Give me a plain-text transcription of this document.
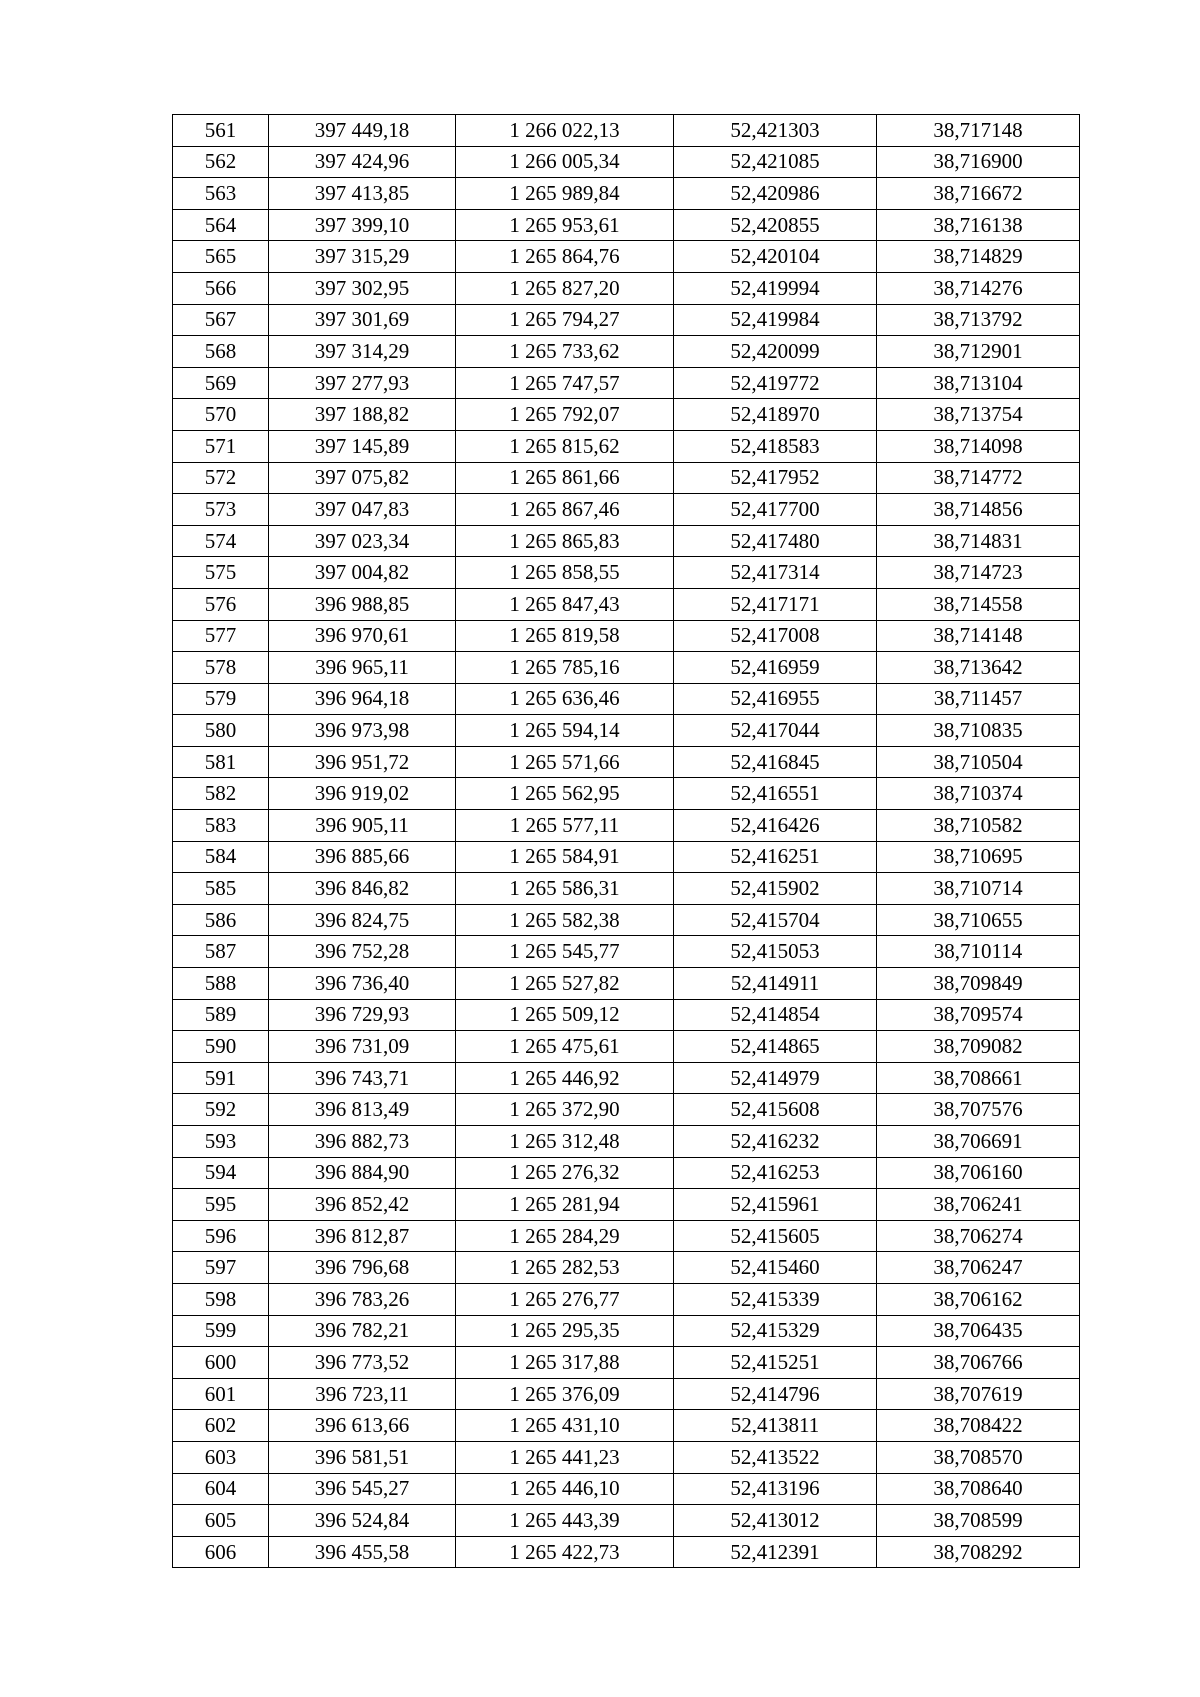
561	397 449,18	1 266 022,13	52,421303	38,717148
562	397 424,96	1 266 005,34	52,421085	38,716900
563	397 413,85	1 265 989,84	52,420986	38,716672
564	397 399,10	1 265 953,61	52,420855	38,716138
565	397 315,29	1 265 864,76	52,420104	38,714829
566	397 302,95	1 265 827,20	52,419994	38,714276
567	397 301,69	1 265 794,27	52,419984	38,713792
568	397 314,29	1 265 733,62	52,420099	38,712901
569	397 277,93	1 265 747,57	52,419772	38,713104
570	397 188,82	1 265 792,07	52,418970	38,713754
571	397 145,89	1 265 815,62	52,418583	38,714098
572	397 075,82	1 265 861,66	52,417952	38,714772
573	397 047,83	1 265 867,46	52,417700	38,714856
574	397 023,34	1 265 865,83	52,417480	38,714831
575	397 004,82	1 265 858,55	52,417314	38,714723
576	396 988,85	1 265 847,43	52,417171	38,714558
577	396 970,61	1 265 819,58	52,417008	38,714148
578	396 965,11	1 265 785,16	52,416959	38,713642
579	396 964,18	1 265 636,46	52,416955	38,711457
580	396 973,98	1 265 594,14	52,417044	38,710835
581	396 951,72	1 265 571,66	52,416845	38,710504
582	396 919,02	1 265 562,95	52,416551	38,710374
583	396 905,11	1 265 577,11	52,416426	38,710582
584	396 885,66	1 265 584,91	52,416251	38,710695
585	396 846,82	1 265 586,31	52,415902	38,710714
586	396 824,75	1 265 582,38	52,415704	38,710655
587	396 752,28	1 265 545,77	52,415053	38,710114
588	396 736,40	1 265 527,82	52,414911	38,709849
589	396 729,93	1 265 509,12	52,414854	38,709574
590	396 731,09	1 265 475,61	52,414865	38,709082
591	396 743,71	1 265 446,92	52,414979	38,708661
592	396 813,49	1 265 372,90	52,415608	38,707576
593	396 882,73	1 265 312,48	52,416232	38,706691
594	396 884,90	1 265 276,32	52,416253	38,706160
595	396 852,42	1 265 281,94	52,415961	38,706241
596	396 812,87	1 265 284,29	52,415605	38,706274
597	396 796,68	1 265 282,53	52,415460	38,706247
598	396 783,26	1 265 276,77	52,415339	38,706162
599	396 782,21	1 265 295,35	52,415329	38,706435
600	396 773,52	1 265 317,88	52,415251	38,706766
601	396 723,11	1 265 376,09	52,414796	38,707619
602	396 613,66	1 265 431,10	52,413811	38,708422
603	396 581,51	1 265 441,23	52,413522	38,708570
604	396 545,27	1 265 446,10	52,413196	38,708640
605	396 524,84	1 265 443,39	52,413012	38,708599
606	396 455,58	1 265 422,73	52,412391	38,708292
